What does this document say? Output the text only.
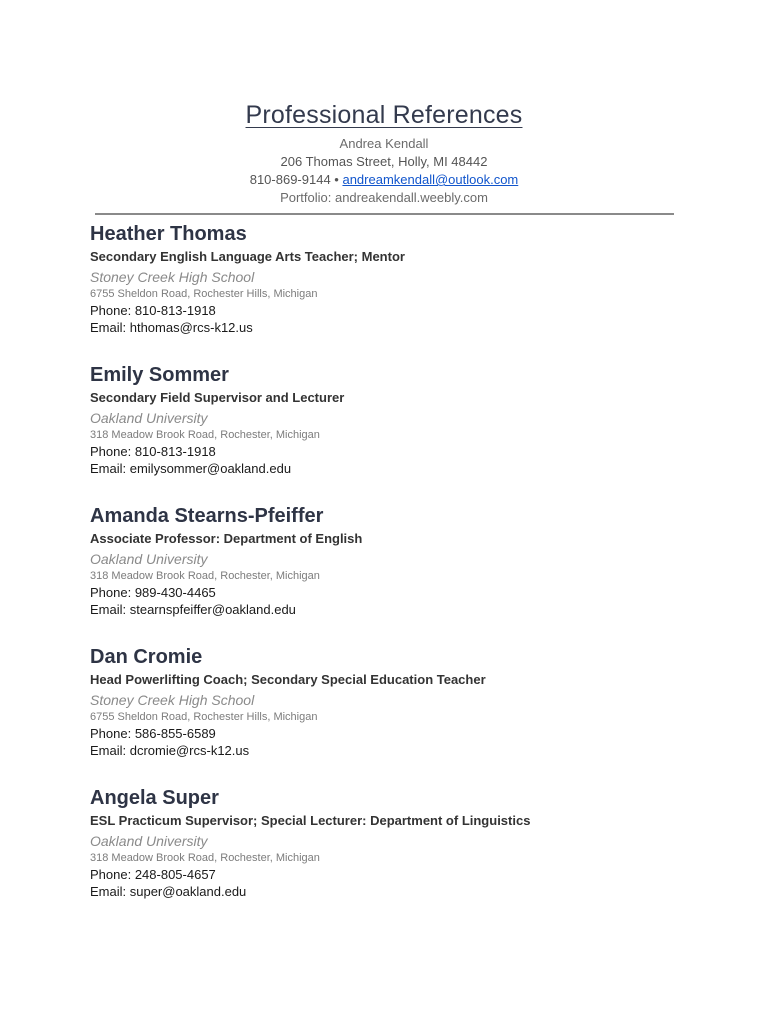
Professional References

Andrea Kendall

206 Thomas Street, Holly, MI 48442

810-869-9144 • andreamkendall@outlook.com

Portfolio: andreakendall.weebly.com

Heather Thomas
Secondary English Language Arts Teacher; Mentor
Stoney Creek High School
6755 Sheldon Road, Rochester Hills, Michigan
Phone: 810-813-1918
Email: hthomas@rcs-k12.us
Emily Sommer
Secondary Field Supervisor and Lecturer
Oakland University
318 Meadow Brook Road, Rochester, Michigan
Phone: 810-813-1918
Email: emilysommer@oakland.edu
Amanda Stearns-Pfeiffer
Associate Professor: Department of English
Oakland University
318 Meadow Brook Road, Rochester, Michigan
Phone: 989-430-4465
Email: stearnspfeiffer@oakland.edu
Dan Cromie
Head Powerlifting Coach; Secondary Special Education Teacher
Stoney Creek High School
6755 Sheldon Road, Rochester Hills, Michigan
Phone: 586-855-6589
Email: dcromie@rcs-k12.us
Angela Super
ESL Practicum Supervisor; Special Lecturer: Department of Linguistics
Oakland University
318 Meadow Brook Road, Rochester, Michigan
Phone: 248-805-4657
Email: super@oakland.edu
